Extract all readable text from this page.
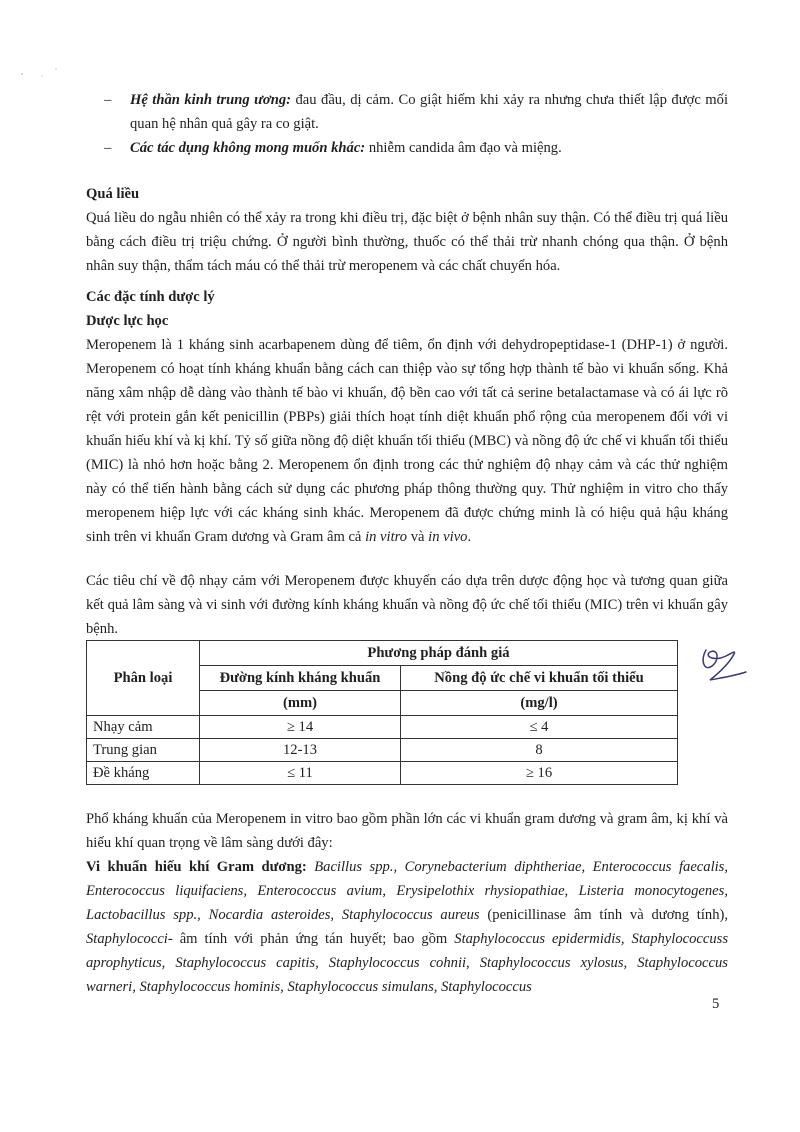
– Hệ thần kinh trung ương: đau đầu, dị cảm. Co giật hiếm khi xảy ra nhưng chưa thiết lập được mối quan hệ nhân quả gây ra co giật.
– Các tác dụng không mong muốn khác: nhiễm candida âm đạo và miệng.
Quá liều
Quá liều do ngẫu nhiên có thể xảy ra trong khi điều trị, đặc biệt ở bệnh nhân suy thận. Có thể điều trị quá liều bằng cách điều trị triệu chứng. Ở người bình thường, thuốc có thể thải trừ nhanh chóng qua thận. Ở bệnh nhân suy thận, thẩm tách máu có thể thải trừ meropenem và các chất chuyển hóa.
Các đặc tính dược lý
Dược lực học
Meropenem là 1 kháng sinh acarbapenem dùng để tiêm, ổn định với dehydropeptidase-1 (DHP-1) ở người. Meropenem có hoạt tính kháng khuẩn bằng cách can thiệp vào sự tổng hợp thành tế bào vi khuẩn sống. Khả năng xâm nhập dễ dàng vào thành tế bào vi khuẩn, độ bền cao với tất cả serine betalactamase và có ái lực rõ rệt với protein gắn kết penicillin (PBPs) giải thích hoạt tính diệt khuẩn phổ rộng của meropenem đối với vi khuẩn hiếu khí và kị khí. Tỷ số giữa nồng độ diệt khuẩn tối thiểu (MBC) và nồng độ ức chế vi khuẩn tối thiểu (MIC) là nhỏ hơn hoặc bằng 2. Meropenem ổn định trong các thử nghiệm độ nhạy cảm và các thử nghiệm này có thể tiến hành bằng cách sử dụng các phương pháp thông thường quy. Thử nghiệm in vitro cho thấy meropenem hiệp lực với các kháng sinh khác. Meropenem đã được chứng minh là có hiệu quả hậu kháng sinh trên vi khuẩn Gram dương và Gram âm cả in vitro và in vivo.
Các tiêu chí về độ nhạy cảm với Meropenem được khuyến cáo dựa trên dược động học và tương quan giữa kết quả lâm sàng và vi sinh với đường kính kháng khuẩn và nồng độ ức chế tối thiểu (MIC) trên vi khuẩn gây bệnh.
Phân loại	Phương pháp đánh giá	
	Đường kính kháng khuẩn	Nồng độ ức chế vi khuẩn tối thiểu
	(mm)	(mg/l)
Nhạy cảm	≥ 14	≤ 4
Trung gian	12-13	8
Đề kháng	≤ 11	≥ 16
Phổ kháng khuẩn của Meropenem in vitro bao gồm phần lớn các vi khuẩn gram dương và gram âm, kị khí và hiếu khí quan trọng về lâm sàng dưới đây:
Vi khuẩn hiếu khí Gram dương: Bacillus spp., Corynebacterium diphtheriae, Enterococcus faecalis, Enterococcus liquifaciens, Enterococcus avium, Erysipelothix rhysiopathiae, Listeria monocytogenes, Lactobacillus spp., Nocardia asteroides, Staphylococcus aureus (penicillinase âm tính và dương tính), Staphylococci- âm tính với phản ứng tán huyết; bao gồm Staphylococcus epidermidis, Staphylococcuss aprophyticus, Staphylococcus capitis, Staphylococcus cohnii, Staphylococcus xylosus, Staphylococcus warneri, Staphylococcus hominis, Staphylococcus simulans, Staphylococcus
5
